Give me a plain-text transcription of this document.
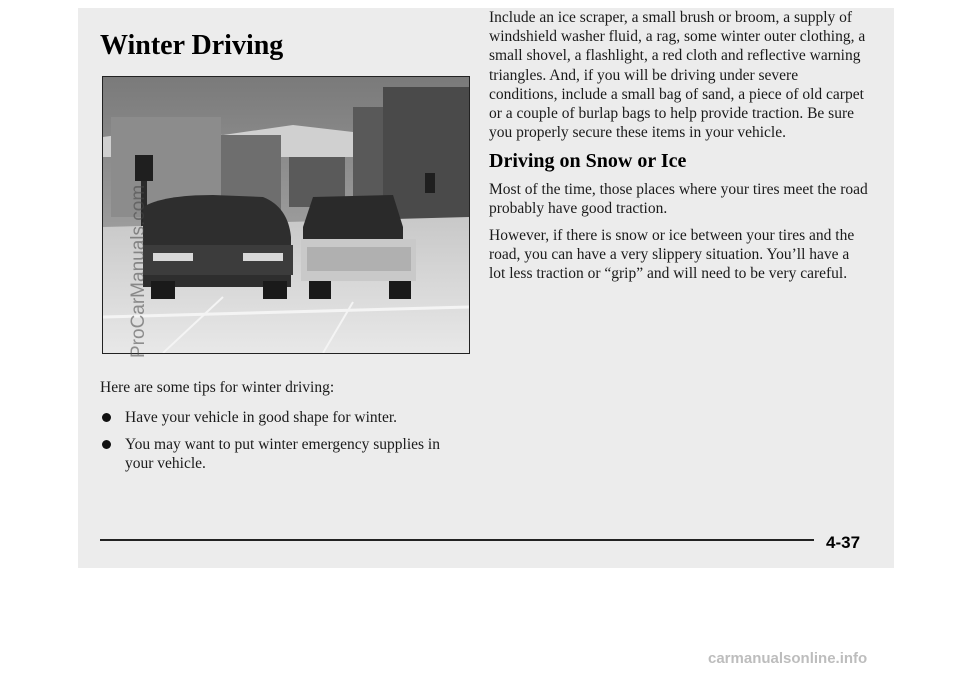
Winter Driving

Here are some tips for winter driving:

Have your vehicle in good shape for winter.
You may want to put winter emergency supplies in your vehicle.

Include an ice scraper, a small brush or broom, a supply of windshield washer fluid, a rag, some winter outer clothing, a small shovel, a flashlight, a red cloth and reflective warning triangles. And, if you will be driving under severe conditions, include a small bag of sand, a piece of old carpet or a couple of burlap bags to help provide traction. Be sure you properly secure these items in your vehicle.

Driving on Snow or Ice

Most of the time, those places where your tires meet the road probably have good traction.

However, if there is snow or ice between your tires and the road, you can have a very slippery situation. You’ll have a lot less traction or “grip” and will need to be very careful.

4-37
ProCarManuals.com
carmanualsonline.info
